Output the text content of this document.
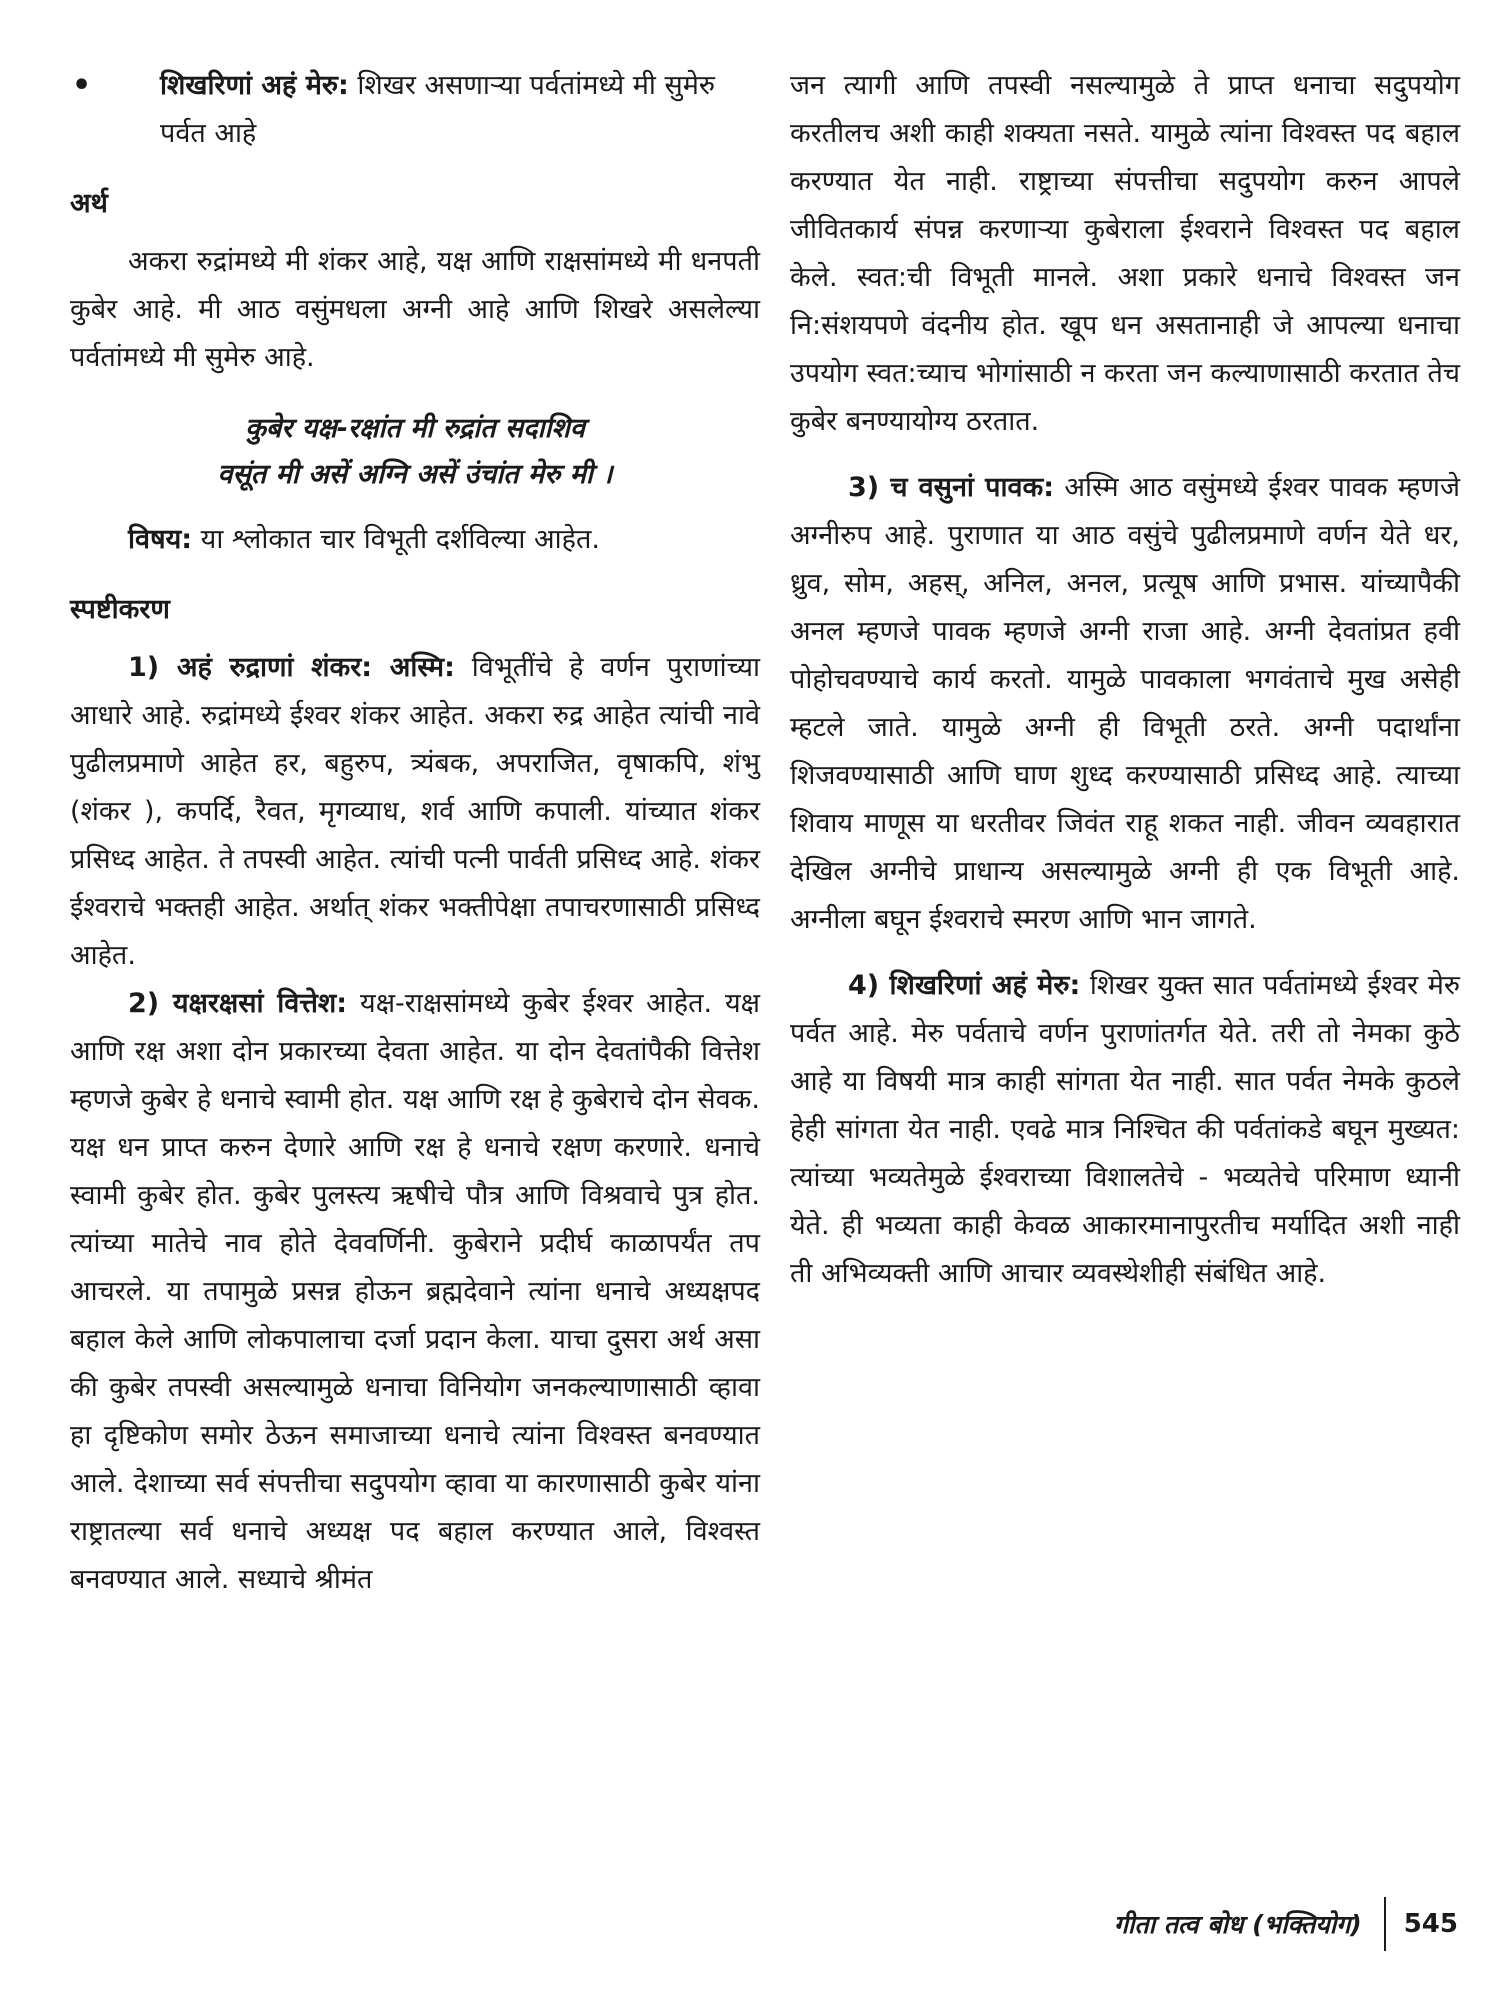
•	शिखरिणां अहं मेरु: शिखर असणाऱ्या पर्वतांमध्ये मी सुमेरु पर्वत आहे
अर्थ

अकरा रुद्रांमध्ये मी शंकर आहे, यक्ष आणि राक्षसांमध्ये मी धनपती कुबेर आहे. मी आठ वसुंमधला अग्नी आहे आणि शिखरे असलेल्या पर्वतांमध्ये मी सुमेरु आहे.

कुबेर यक्ष-रक्षांत मी रुद्रांत सदाशिव
वसूंत मी असें अग्नि असें उंचांत मेरु मी ।

विषय: या श्लोकात चार विभूती दर्शविल्या आहेत.

स्पष्टीकरण

1) अहं रुद्राणां शंकर: अस्मि: विभूतींचे हे वर्णन पुराणांच्या आधारे आहे. रुद्रांमध्ये ईश्वर शंकर आहेत. अकरा रुद्र आहेत त्यांची नावे पुढीलप्रमाणे आहेत हर, बहुरुप, त्र्यंबक, अपराजित, वृषाकपि, शंभु (शंकर ), कपर्दि, रैवत, मृगव्याध, शर्व आणि कपाली. यांच्यात शंकर प्रसिध्द आहेत. ते तपस्वी आहेत. त्यांची पत्नी पार्वती प्रसिध्द आहे. शंकर ईश्वराचे भक्तही आहेत. अर्थात् शंकर भक्तीपेक्षा तपाचरणासाठी प्रसिध्द आहेत.

2) यक्षरक्षसां वित्तेश: यक्ष-राक्षसांमध्ये कुबेर ईश्वर आहेत. यक्ष आणि रक्ष अशा दोन प्रकारच्या देवता आहेत. या दोन देवतांपैकी वित्तेश म्हणजे कुबेर हे धनाचे स्वामी होत. यक्ष आणि रक्ष हे कुबेराचे दोन सेवक. यक्ष धन प्राप्त करुन देणारे आणि रक्ष हे धनाचे रक्षण करणारे. धनाचे स्वामी कुबेर होत. कुबेर पुलस्त्य ऋषीचे पौत्र आणि विश्रवाचे पुत्र होत. त्यांच्या मातेचे नाव होते देववर्णिनी. कुबेराने प्रदीर्घ काळापर्यंत तप आचरले. या तपामुळे प्रसन्न होऊन ब्रह्मदेवाने त्यांना धनाचे अध्यक्षपद बहाल केले आणि लोकपालाचा दर्जा प्रदान केला. याचा दुसरा अर्थ असा की कुबेर तपस्वी असल्यामुळे धनाचा विनियोग जनकल्याणासाठी व्हावा हा दृष्टिकोण समोर ठेऊन समाजाच्या धनाचे त्यांना विश्वस्त बनवण्यात आले. देशाच्या सर्व संपत्तीचा सदुपयोग व्हावा या कारणासाठी कुबेर यांना राष्ट्रातल्या सर्व धनाचे अध्यक्ष पद बहाल करण्यात आले, विश्वस्त बनवण्यात आले. सध्याचे श्रीमंत

जन त्यागी आणि तपस्वी नसल्यामुळे ते प्राप्त धनाचा सदुपयोग करतीलच अशी काही शक्यता नसते. यामुळे त्यांना विश्वस्त पद बहाल करण्यात येत नाही. राष्ट्राच्या संपत्तीचा सदुपयोग करुन आपले जीवितकार्य संपन्न करणाऱ्या कुबेराला ईश्वराने विश्वस्त पद बहाल केले. स्वत:ची विभूती मानले. अशा प्रकारे धनाचे विश्वस्त जन नि:संशयपणे वंदनीय होत. खूप धन असतानाही जे आपल्या धनाचा उपयोग स्वत:च्याच भोगांसाठी न करता जन कल्याणासाठी करतात तेच कुबेर बनण्यायोग्य ठरतात.

3) च वसुनां पावक: अस्मि आठ वसुंमध्ये ईश्वर पावक म्हणजे अग्नीरुप आहे. पुराणात या आठ वसुंचे पुढीलप्रमाणे वर्णन येते धर, ध्रुव, सोम, अहस्, अनिल, अनल, प्रत्यूष आणि प्रभास. यांच्यापैकी अनल म्हणजे पावक म्हणजे अग्नी राजा आहे. अग्नी देवतांप्रत हवी पोहोचवण्याचे कार्य करतो. यामुळे पावकाला भगवंताचे मुख असेही म्हटले जाते. यामुळे अग्नी ही विभूती ठरते. अग्नी पदार्थांना शिजवण्यासाठी आणि घाण शुध्द करण्यासाठी प्रसिध्द आहे. त्याच्या शिवाय माणूस या धरतीवर जिवंत राहू शकत नाही. जीवन व्यवहारात देखिल अग्नीचे प्राधान्य असल्यामुळे अग्नी ही एक विभूती आहे. अग्नीला बघून ईश्वराचे स्मरण आणि भान जागते.

4) शिखरिणां अहं मेरु: शिखर युक्त सात पर्वतांमध्ये ईश्वर मेरु पर्वत आहे. मेरु पर्वताचे वर्णन पुराणांतर्गत येते. तरी तो नेमका कुठे आहे या विषयी मात्र काही सांगता येत नाही. सात पर्वत नेमके कुठले हेही सांगता येत नाही. एवढे मात्र निश्चित की पर्वतांकडे बघून मुख्यत: त्यांच्या भव्यतेमुळे ईश्वराच्या विशालतेचे - भव्यतेचे परिमाण ध्यानी येते. ही भव्यता काही केवळ आकारमानापुरतीच मर्यादित अशी नाही ती अभिव्यक्ती आणि आचार व्यवस्थेशीही संबंधित आहे.

गीता तत्व बोध (भक्तियोग)	545
